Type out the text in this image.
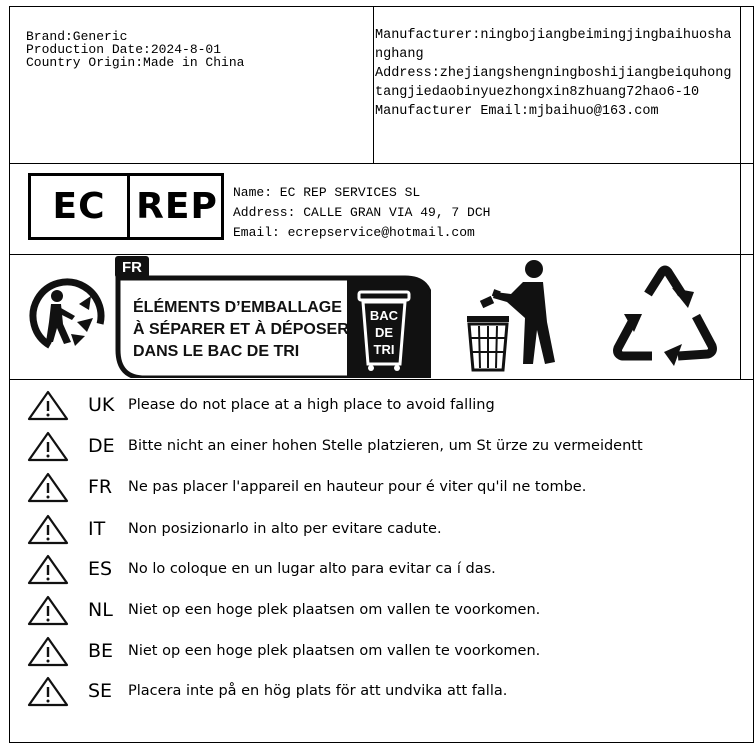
Brand:Generic
Production Date:2024-8-01
Country Origin:Made in China
Manufacturer:ningbojiangbeimingjingbaihuoshanghang
Address:zhejiangshengningboshijiangbeiquhongtangjiedaobinyuezhongxin8zhuang72hao6-10
Manufacturer Email:mjbaihuo@163.com
EC REP	Name: EC REP SERVICES SL
Address: CALLE GRAN VIA 49, 7 DCH
Email: ecrepservice@hotmail.com
FR
ÉLÉMENTS D’EMBALLAGE
À SÉPARER ET À DÉPOSER
DANS LE BAC DE TRI
BAC
DE
TRI
UK Please do not place at a high place to avoid falling
DE Bitte nicht an einer hohen Stelle platzieren, um St ürze zu vermeidentt
FR	Ne pas placer l'appareil en hauteur pour é viter qu'il ne tombe.
IT	Non posizionarlo in alto per evitare cadute.
ES	No lo coloque en un lugar alto para evitar ca í das.
NL	Niet op een hoge plek plaatsen om vallen te voorkomen.
BE	Niet op een hoge plek plaatsen om vallen te voorkomen.
SE	Placera inte på en hög plats för att undvika att falla.
